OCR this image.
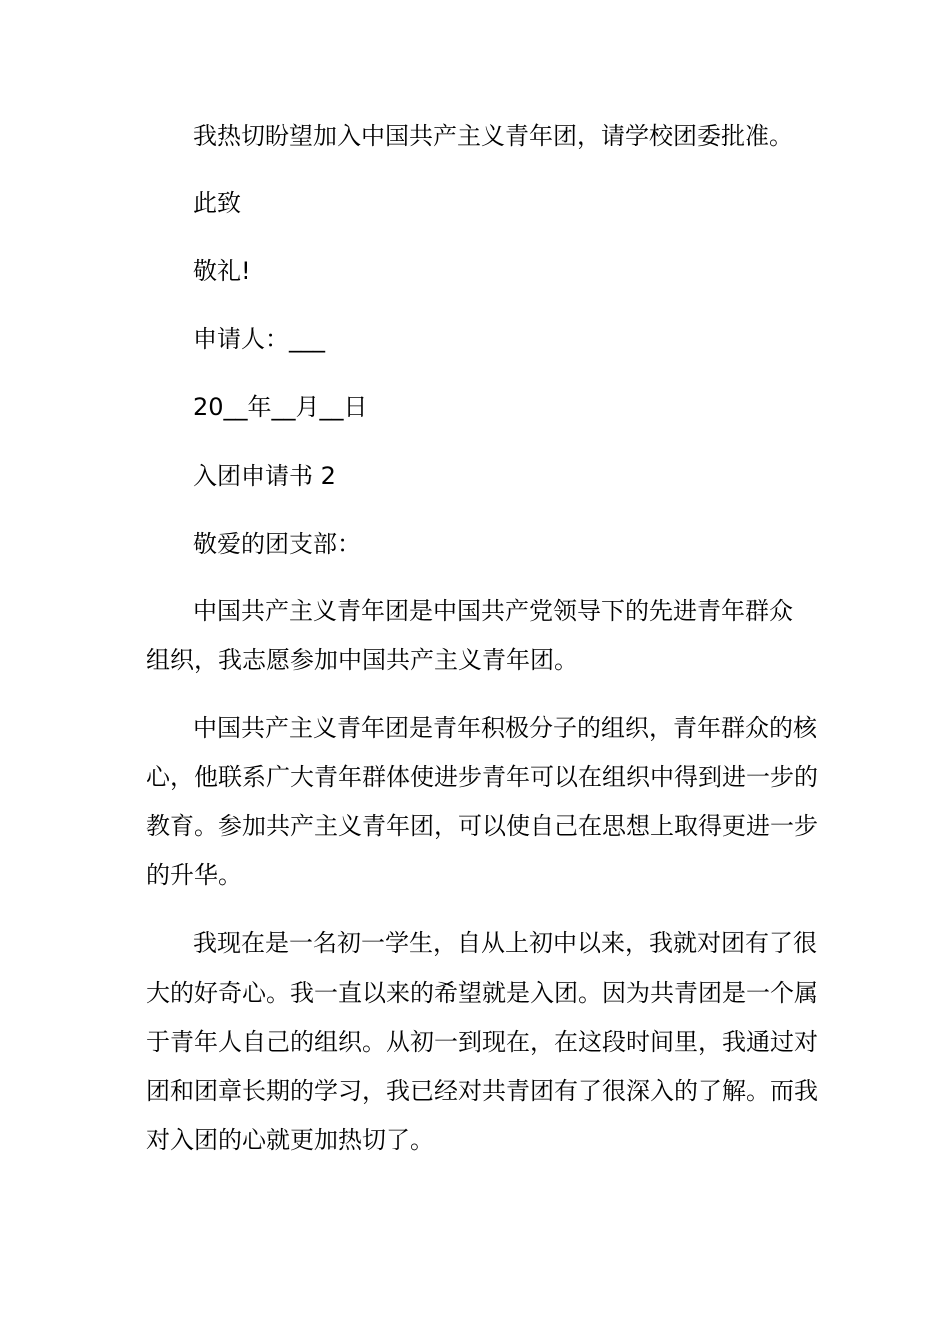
我热切盼望加入中国共产主义青年团，请学校团委批准。
此致
敬礼!
申请人：___
20__年__月__日
入团申请书 2
敬爱的团支部：
中国共产主义青年团是中国共产党领导下的先进青年群众
组织，我志愿参加中国共产主义青年团。
中国共产主义青年团是青年积极分子的组织，青年群众的核
心，他联系广大青年群体使进步青年可以在组织中得到进一步的
教育。参加共产主义青年团，可以使自己在思想上取得更进一步
的升华。
我现在是一名初一学生，自从上初中以来，我就对团有了很
大的好奇心。我一直以来的希望就是入团。因为共青团是一个属
于青年人自己的组织。从初一到现在，在这段时间里，我通过对
团和团章长期的学习，我已经对共青团有了很深入的了解。而我
对入团的心就更加热切了。
